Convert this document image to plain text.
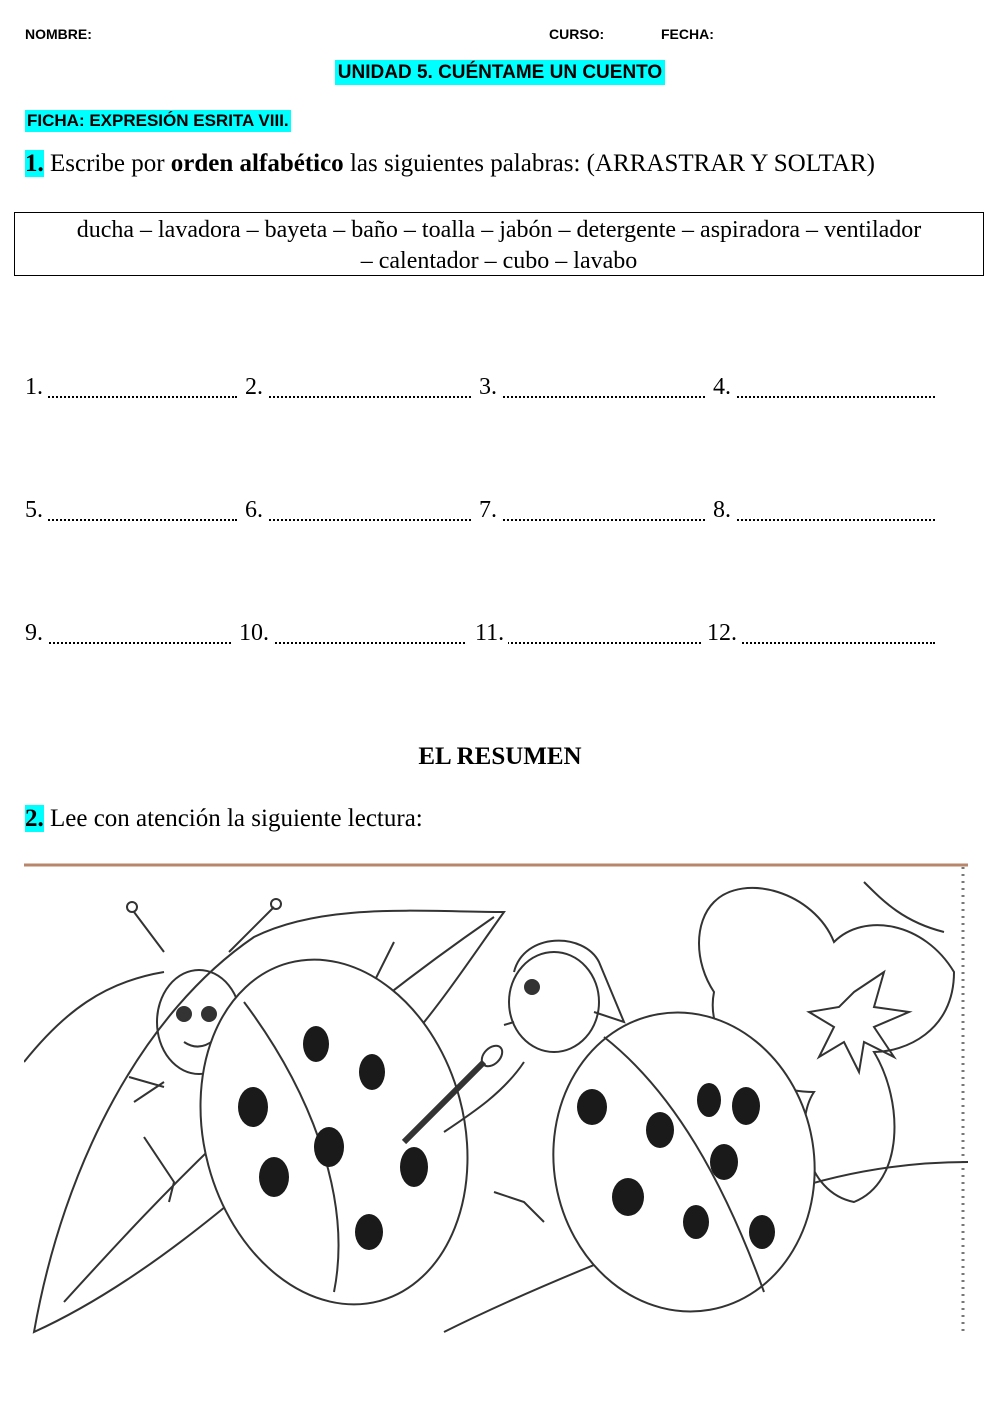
NOMBRE:	CURSO:	FECHA:
UNIDAD 5. CUÉNTAME UN CUENTO
FICHA: EXPRESIÓN ESRITA VIII.
1. Escribe por orden alfabético las siguientes palabras: (ARRASTRAR Y SOLTAR)
ducha – lavadora – bayeta – baño – toalla – jabón – detergente – aspiradora – ventilador
– calentador – cubo – lavabo
1.	2.	3.	4.
5.	6.	7.	8.
9.	10.	11.	12.
EL RESUMEN
2. Lee con atención la siguiente lectura:
